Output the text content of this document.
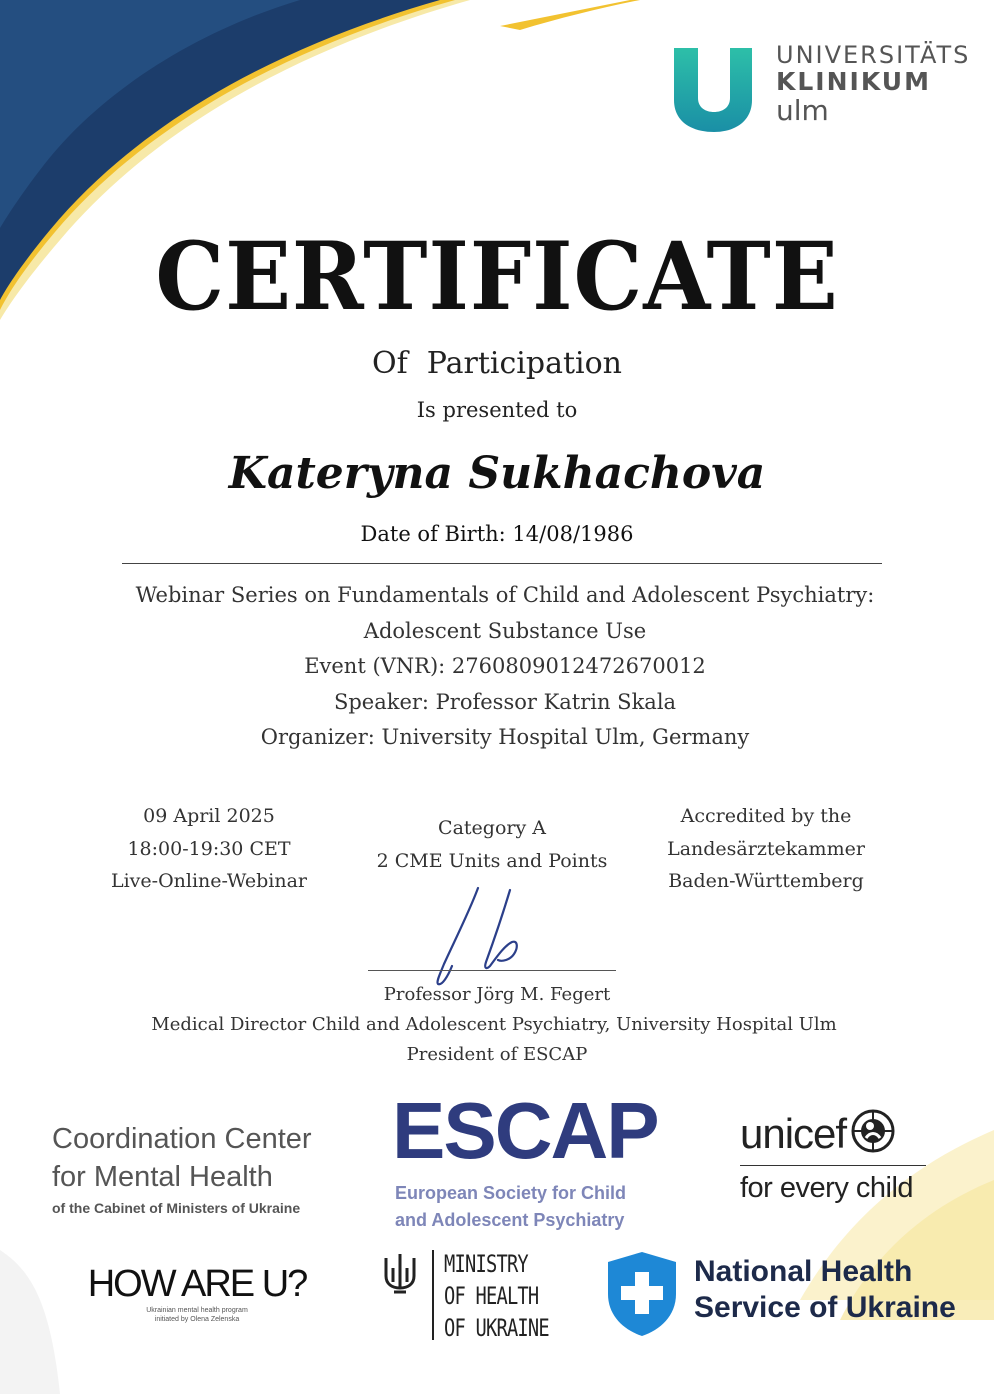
UNIVERSITÄTS
KLINIKUM
ulm
CERTIFICATE
Of  Participation
Is presented to
Kateryna Sukhachova
Date of Birth: 14/08/1986
Webinar Series on Fundamentals of Child and Adolescent Psychiatry:
Adolescent Substance Use
Event (VNR): 2760809012472670012
Speaker: Professor Katrin Skala
Organizer: University Hospital Ulm, Germany
09 April 2025
18:00-19:30 CET
Live-Online-Webinar
Category A
2 CME Units and Points
Accredited by the
Landesärztekammer
Baden-Württemberg
Professor Jörg M. Fegert
Medical Director Child and Adolescent Psychiatry, University Hospital Ulm
President of ESCAP
Coordination Center
for Mental Health
of the Cabinet of Ministers of Ukraine
ESCAP
European Society for Child
and Adolescent Psychiatry
unicef
for every child
HOW ARE U?
Ukrainian mental health program
initiated by Olena Zelenska
MINISTRY
OF HEALTH
OF UKRAINE
National Health
Service of Ukraine
